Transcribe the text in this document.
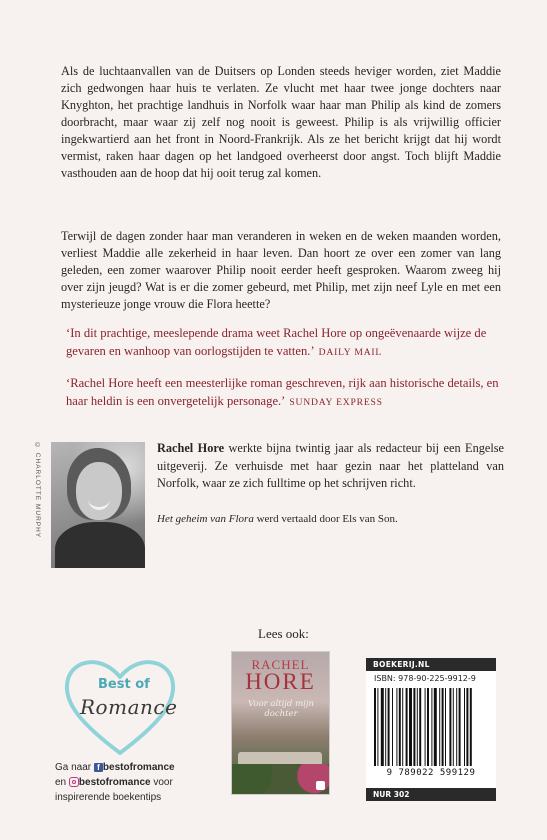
Als de luchtaanvallen van de Duitsers op Londen steeds heviger worden, ziet Maddie zich gedwongen haar huis te verlaten. Ze vlucht met haar twee jonge dochters naar Knyghton, het prachtige landhuis in Norfolk waar haar man Philip als kind de zomers doorbracht, maar waar zij zelf nog nooit is geweest. Philip is als vrijwillig officier ingekwartierd aan het front in Noord-Frankrijk. Als ze het bericht krijgt dat hij wordt vermist, raken haar dagen op het landgoed overheerst door angst. Toch blijft Maddie vasthouden aan de hoop dat hij ooit terug zal komen.

Terwijl de dagen zonder haar man veranderen in weken en de weken maanden worden, verliest Maddie alle zekerheid in haar leven. Dan hoort ze over een zomer van lang geleden, een zomer waarover Philip nooit eerder heeft gesproken. Waarom zweeg hij over zijn jeugd? Wat is er die zomer gebeurd, met Philip, met zijn neef Lyle en met een mysterieuze jonge vrouw die Flora heette?

‘In dit prachtige, meeslepende drama weet Rachel Hore op ongeëvenaarde wijze de gevaren en wanhoop van oorlogstijden te vatten.’ DAILY MAIL

‘Rachel Hore heeft een meesterlijke roman geschreven, rijk aan historische details, en haar heldin is een onvergetelijk personage.’ SUNDAY EXPRESS

© CHARLOTTE MURPHY	Rachel Hore werkte bijna twintig jaar als redacteur bij een Engelse uitgeverij. Ze verhuisde met haar gezin naar het platteland van Norfolk, waar ze zich fulltime op het schrijven richt.

Het geheim van Flora werd vertaald door Els van Son.

Best of
Romance

Ga naar f bestofromance
en bestofromance voor inspirerende boekentips

Lees ook:
RACHEL
HORE
Voor altijd mijn dochter
BOEKERIJ.NL
ISBN: 978-90-225-9912-9
9 789022 599129
NUR 302
